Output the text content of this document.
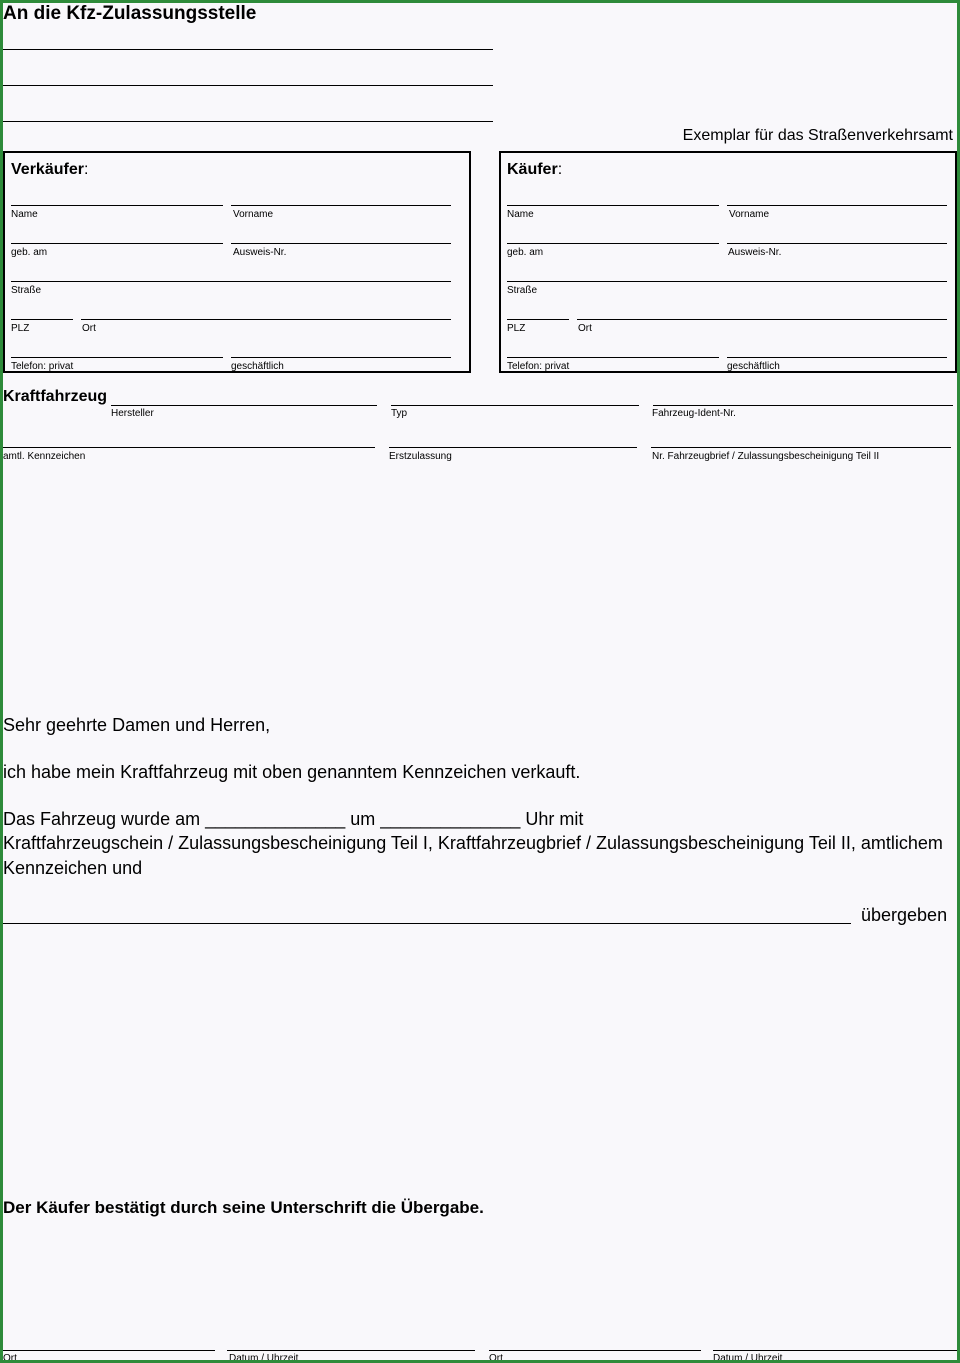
An die Kfz-Zulassungsstelle
Exemplar für das Straßenverkehrsamt
Verkäufer:
Name	Vorname
geb. am	Ausweis-Nr.
Straße
PLZ	Ort
Telefon: privat	geschäftlich
Käufer:
Name	Vorname
geb. am	Ausweis-Nr.
Straße
PLZ	Ort
Telefon: privat	geschäftlich
Kraftfahrzeug
Hersteller	Typ	Fahrzeug-Ident-Nr.
amtl. Kennzeichen	Erstzulassung	Nr. Fahrzeugbrief / Zulassungsbescheinigung Teil II
Sehr geehrte Damen und Herren,
ich habe mein Kraftfahrzeug mit oben genanntem Kennzeichen verkauft.
Das Fahrzeug wurde am ______________ um ______________ Uhr mit
Kraftfahrzeugschein / Zulassungsbescheinigung Teil I, Kraftfahrzeugbrief / Zulassungsbescheinigung Teil II, amtlichem
Kennzeichen und
übergeben
Der Käufer bestätigt durch seine Unterschrift die Übergabe.
Ort	Datum / Uhrzeit	Ort	Datum / Uhrzeit
